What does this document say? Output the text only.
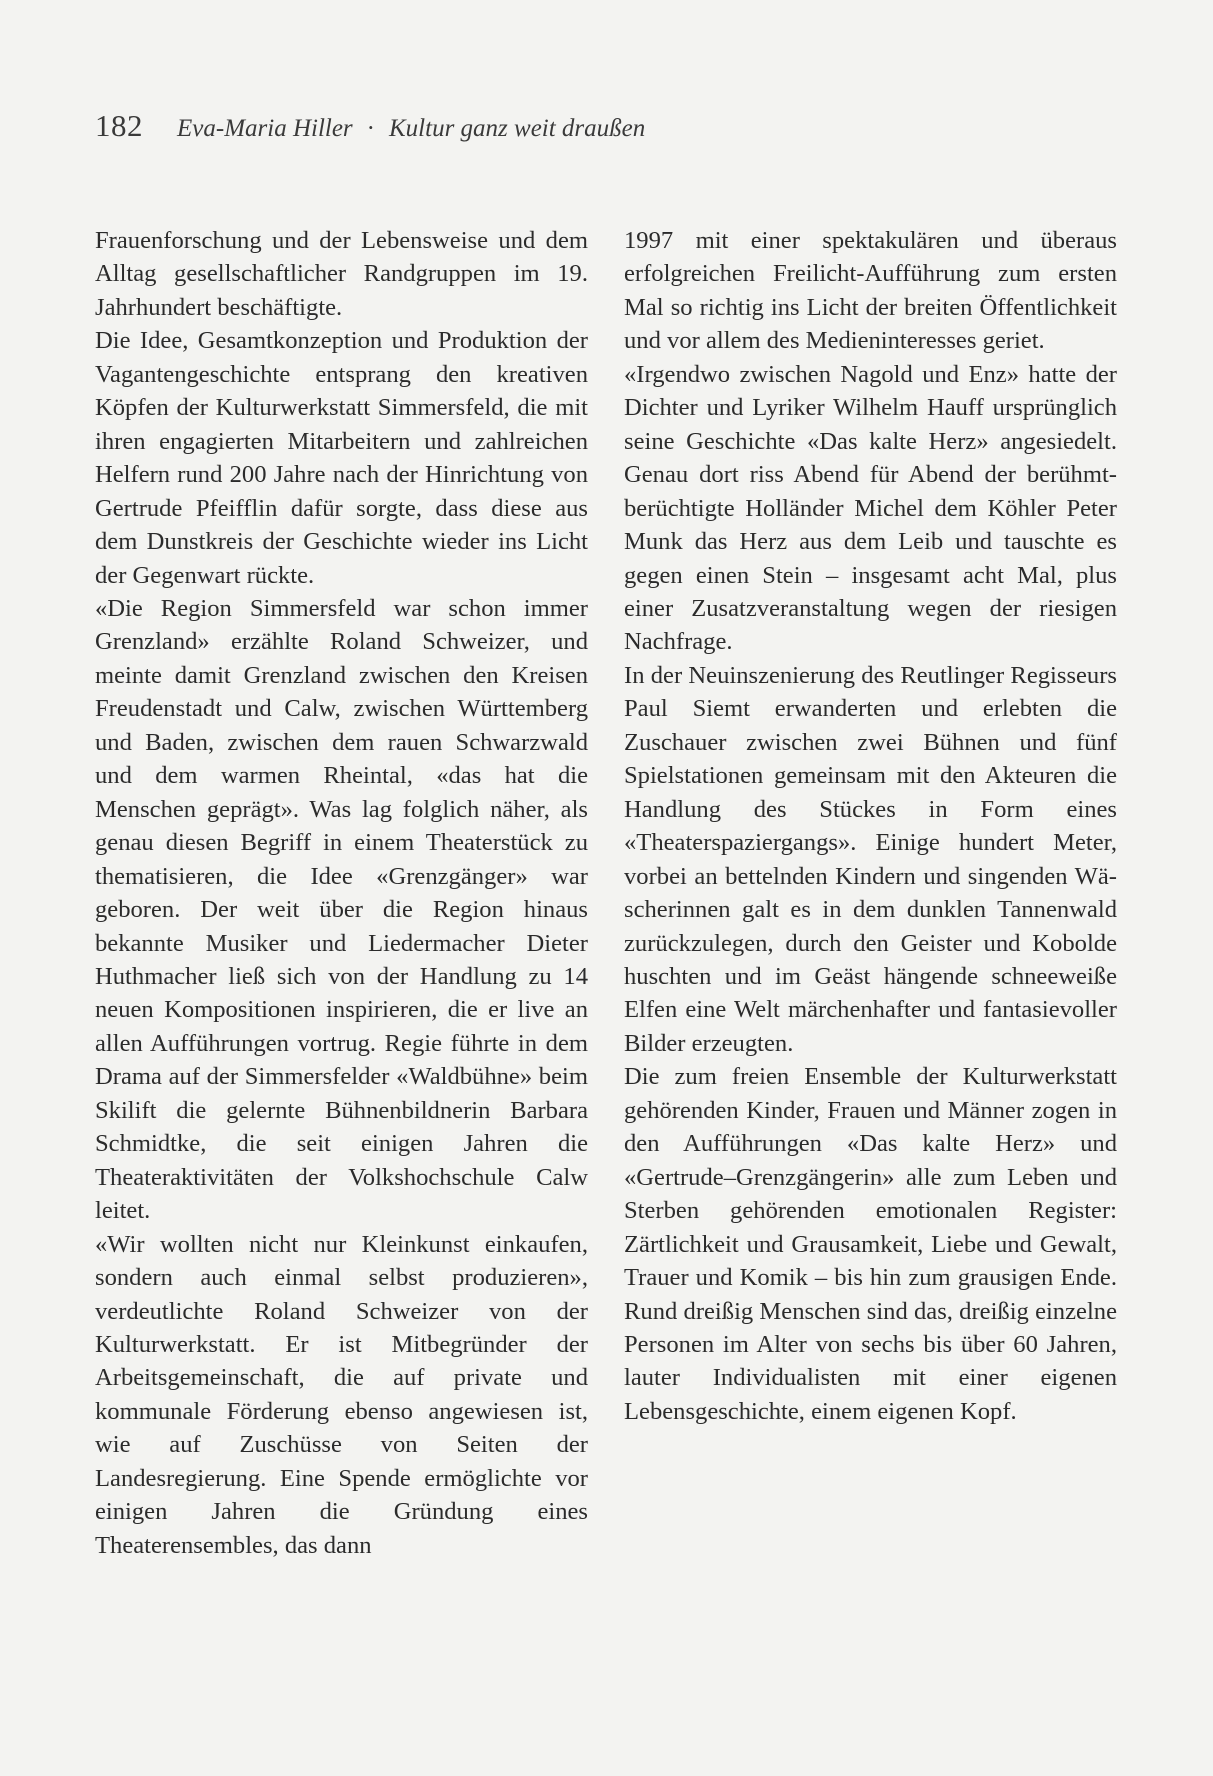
182 Eva-Maria Hiller · Kultur ganz weit draußen

Frauenforschung und der Lebensweise und dem Alltag gesellschaftlicher Randgruppen im 19. Jahrhundert beschäftigte.

Die Idee, Gesamtkonzeption und Produktion der Vagantengeschichte entsprang den kreativen Köpfen der Kulturwerkstatt Simmersfeld, die mit ihren engagierten Mitarbeitern und zahlreichen Helfern rund 200 Jahre nach der Hinrichtung von Gertrude Pfeifflin dafür sorgte, dass diese aus dem Dunstkreis der Geschichte wieder ins Licht der Gegenwart rückte.

«Die Region Simmersfeld war schon immer Grenzland» erzählte Roland Schweizer, und meinte damit Grenzland zwischen den Kreisen Freudenstadt und Calw, zwischen Württemberg und Baden, zwischen dem rauen Schwarzwald und dem warmen Rheintal, «das hat die Menschen geprägt». Was lag folglich näher, als genau diesen Begriff in einem Theaterstück zu thematisieren, die Idee «Grenzgänger» war geboren. Der weit über die Region hinaus bekannte Musiker und Liedermacher Dieter Huthmacher ließ sich von der Handlung zu 14 neuen Kompositionen inspirieren, die er live an allen Aufführungen vortrug. Regie führte in dem Drama auf der Simmersfelder «Waldbühne» beim Skilift die gelernte Bühnenbildnerin Barbara Schmidtke, die seit einigen Jahren die Theateraktivitäten der Volkshochschule Calw leitet.

«Wir wollten nicht nur Kleinkunst einkaufen, sondern auch einmal selbst produzieren», verdeutlichte Roland Schweizer von der Kulturwerkstatt. Er ist Mitbegründer der Arbeitsgemeinschaft, die auf private und kommunale Förderung ebenso angewiesen ist, wie auf Zuschüsse von Seiten der Landesregierung. Eine Spende ermöglichte vor einigen Jahren die Gründung eines Theaterensembles, das dann

1997 mit einer spektakulären und überaus erfolgreichen Freilicht-Aufführung zum ersten Mal so richtig ins Licht der breiten Öffentlichkeit und vor allem des Medieninteresses geriet.

«Irgendwo zwischen Nagold und Enz» hatte der Dichter und Lyriker Wilhelm Hauff ursprünglich seine Geschichte «Das kalte Herz» angesiedelt. Genau dort riss Abend für Abend der berühmt-berüchtigte Holländer Michel dem Köhler Peter Munk das Herz aus dem Leib und tauschte es gegen einen Stein – insgesamt acht Mal, plus einer Zusatzveranstaltung wegen der riesigen Nachfrage.

In der Neuinszenierung des Reutlinger Regisseurs Paul Siemt erwanderten und erlebten die Zuschauer zwischen zwei Bühnen und fünf Spielstationen gemeinsam mit den Akteuren die Handlung des Stückes in Form eines «Theaterspaziergangs». Einige hundert Meter, vorbei an bettelnden Kindern und singenden Wäscherinnen galt es in dem dunklen Tannenwald zurückzulegen, durch den Geister und Kobolde huschten und im Geäst hängende schneeweiße Elfen eine Welt märchenhafter und fantasievoller Bilder erzeugten.

Die zum freien Ensemble der Kulturwerkstatt gehörenden Kinder, Frauen und Männer zogen in den Aufführungen «Das kalte Herz» und «Gertrude–Grenzgängerin» alle zum Leben und Sterben gehörenden emotionalen Register: Zärtlichkeit und Grausamkeit, Liebe und Gewalt, Trauer und Komik – bis hin zum grausigen Ende. Rund dreißig Menschen sind das, dreißig einzelne Personen im Alter von sechs bis über 60 Jahren, lauter Individualisten mit einer eigenen Lebensgeschichte, einem eigenen Kopf.
